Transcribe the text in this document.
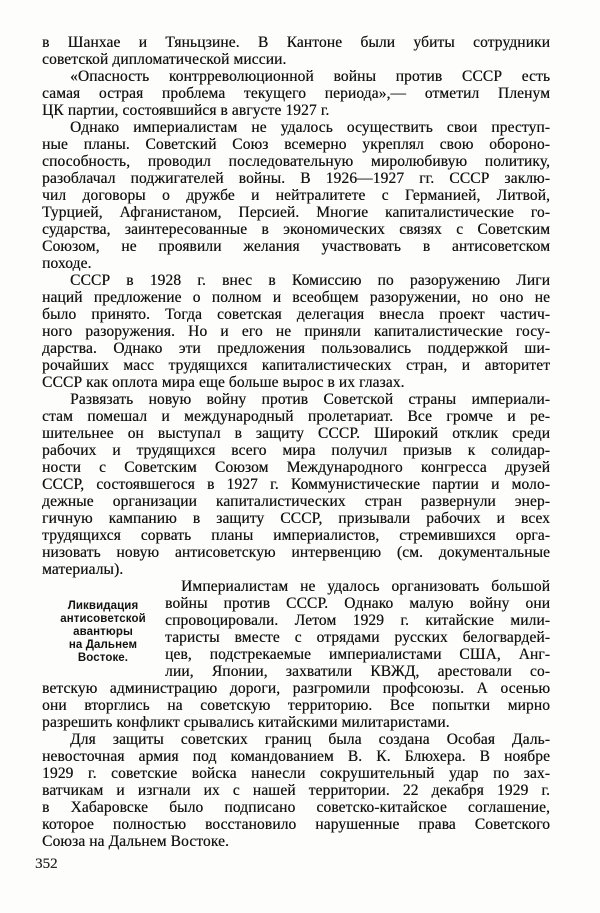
в Шанхае и Тяньцзине. В Кантоне были убиты сотрудники
советской дипломатической миссии.
«Опасность контрреволюционной войны против СССР есть
самая острая проблема текущего периода»,— отметил Пленум
ЦК партии, состоявшийся в августе 1927 г.
Однако империалистам не удалось осуществить свои преступ-
ные планы. Советский Союз всемерно укреплял свою обороно-
способность, проводил последовательную миролюбивую политику,
разоблачал поджигателей войны. В 1926—1927 гг. СССР заклю-
чил договоры о дружбе и нейтралитете с Германией, Литвой,
Турцией, Афганистаном, Персией. Многие капиталистические го-
сударства, заинтересованные в экономических связях с Советским
Союзом, не проявили желания участвовать в антисоветском
походе.
СССР в 1928 г. внес в Комиссию по разоружению Лиги
наций предложение о полном и всеобщем разоружении, но оно не
было принято. Тогда советская делегация внесла проект частич-
ного разоружения. Но и его не приняли капиталистические госу-
дарства. Однако эти предложения пользовались поддержкой ши-
рочайших масс трудящихся капиталистических стран, и авторитет
СССР как оплота мира еще больше вырос в их глазах.
Развязать новую войну против Советской страны империали-
стам помешал и международный пролетариат. Все громче и ре-
шительнее он выступал в защиту СССР. Широкий отклик среди
рабочих и трудящихся всего мира получил призыв к солидар-
ности с Советским Союзом Международного конгресса друзей
СССР, состоявшегося в 1927 г. Коммунистические партии и моло-
дежные организации капиталистических стран развернули энер-
гичную кампанию в защиту СССР, призывали рабочих и всех
трудящихся сорвать планы империалистов, стремившихся орга-
низовать новую антисоветскую интервенцию (см. документальные
материалы).
Ликвидация
антисоветской
авантюры
на Дальнем
Востоке.
Империалистам не удалось организовать большой
войны против СССР. Однако малую войну они
спровоцировали. Летом 1929 г. китайские мили-
таристы вместе с отрядами русских белогвардей-
цев, подстрекаемые империалистами США, Анг-
лии, Японии, захватили КВЖД, арестовали со-
ветскую администрацию дороги, разгромили профсоюзы. А осенью
они вторглись на советскую территорию. Все попытки мирно
разрешить конфликт срывались китайскими милитаристами.
Для защиты советских границ была создана Особая Даль-
невосточная армия под командованием В. К. Блюхера. В ноябре
1929 г. советские войска нанесли сокрушительный удар по зах-
ватчикам и изгнали их с нашей территории. 22 декабря 1929 г.
в Хабаровске было подписано советско-китайское соглашение,
которое полностью восстановило нарушенные права Советского
Союза на Дальнем Востоке.
352
